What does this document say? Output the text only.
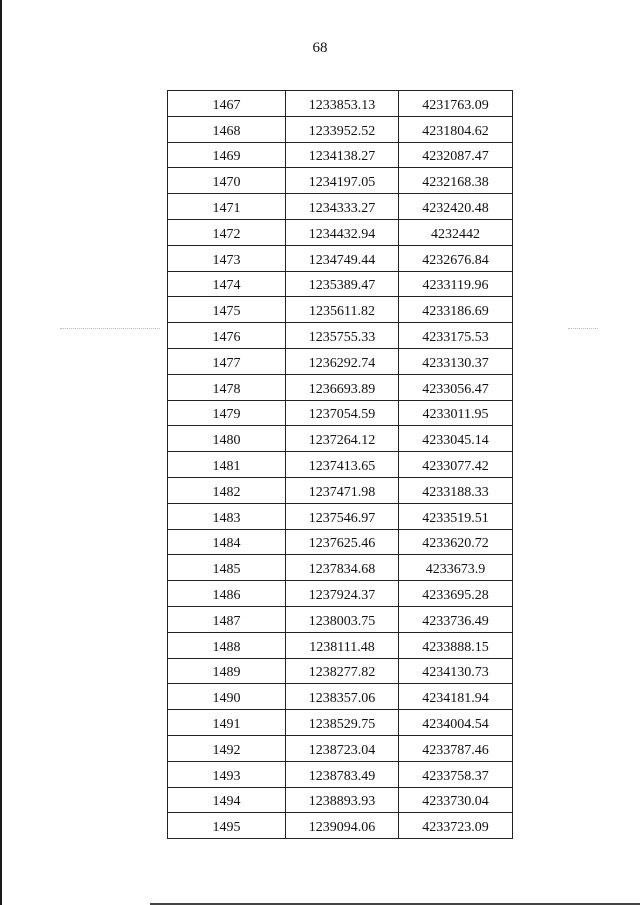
68
1467	1233853.13	4231763.09
1468	1233952.52	4231804.62
1469	1234138.27	4232087.47
1470	1234197.05	4232168.38
1471	1234333.27	4232420.48
1472	1234432.94	4232442
1473	1234749.44	4232676.84
1474	1235389.47	4233119.96
1475	1235611.82	4233186.69
1476	1235755.33	4233175.53
1477	1236292.74	4233130.37
1478	1236693.89	4233056.47
1479	1237054.59	4233011.95
1480	1237264.12	4233045.14
1481	1237413.65	4233077.42
1482	1237471.98	4233188.33
1483	1237546.97	4233519.51
1484	1237625.46	4233620.72
1485	1237834.68	4233673.9
1486	1237924.37	4233695.28
1487	1238003.75	4233736.49
1488	1238111.48	4233888.15
1489	1238277.82	4234130.73
1490	1238357.06	4234181.94
1491	1238529.75	4234004.54
1492	1238723.04	4233787.46
1493	1238783.49	4233758.37
1494	1238893.93	4233730.04
1495	1239094.06	4233723.09
